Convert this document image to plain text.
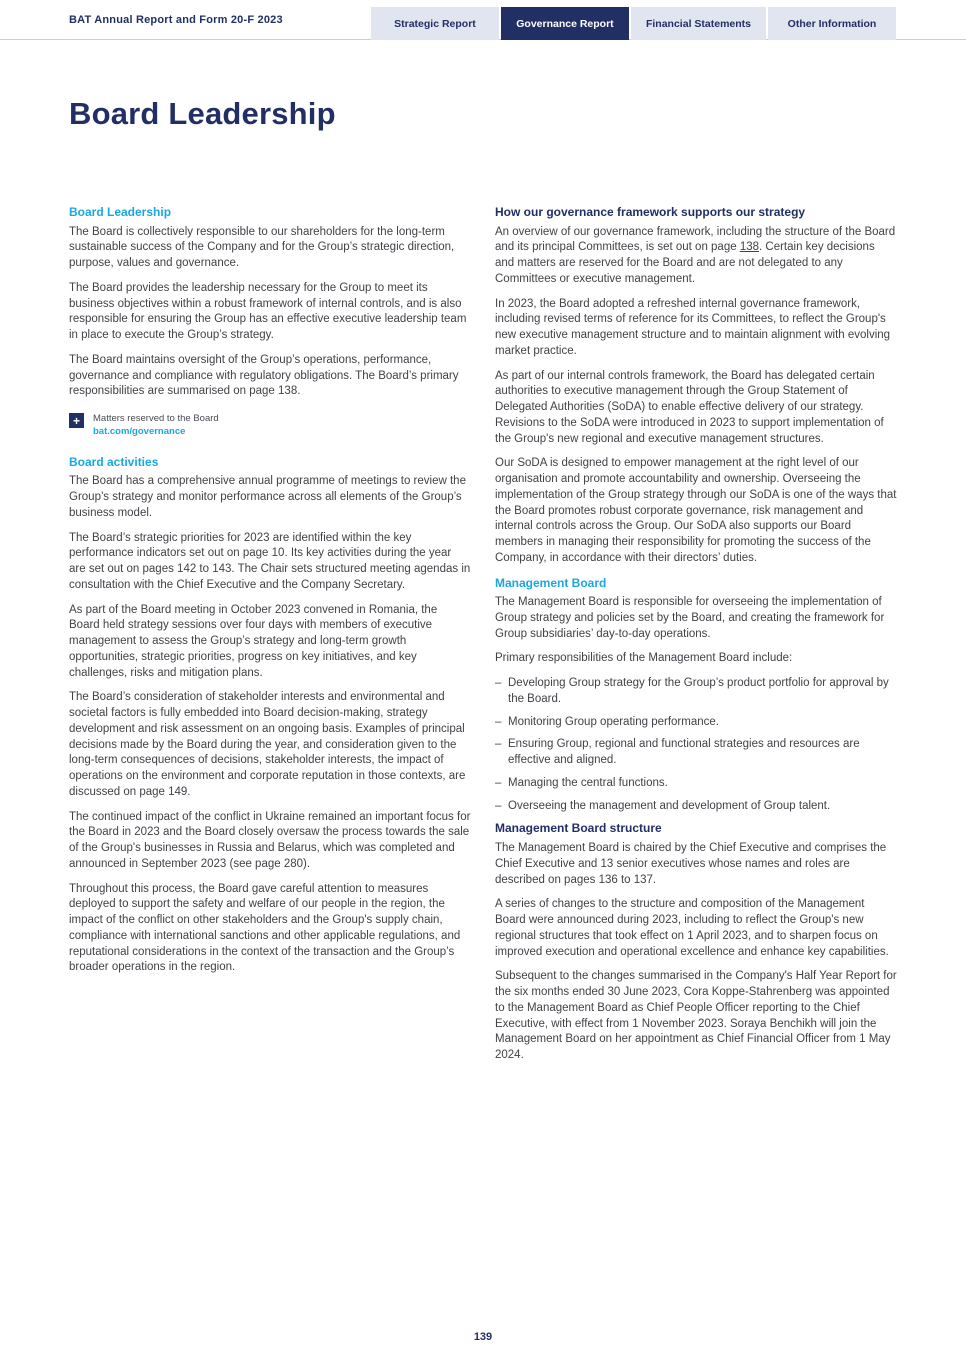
BAT Annual Report and Form 20-F 2023	Strategic Report	Governance Report	Financial Statements	Other Information
Board Leadership
Board Leadership

The Board is collectively responsible to our shareholders for the long-term sustainable success of the Company and for the Group’s strategic direction, purpose, values and governance.

The Board provides the leadership necessary for the Group to meet its business objectives within a robust framework of internal controls, and is also responsible for ensuring the Group has an effective executive leadership team in place to execute the Group’s strategy.

The Board maintains oversight of the Group’s operations, performance, governance and compliance with regulatory obligations. The Board’s primary responsibilities are summarised on page 138.

+	Matters reserved to the Board
bat.com/governance
Board activities

The Board has a comprehensive annual programme of meetings to review the Group’s strategy and monitor performance across all elements of the Group’s business model.

The Board’s strategic priorities for 2023 are identified within the key performance indicators set out on page 10. Its key activities during the year are set out on pages 142 to 143. The Chair sets structured meeting agendas in consultation with the Chief Executive and the Company Secretary.

As part of the Board meeting in October 2023 convened in Romania, the Board held strategy sessions over four days with members of executive management to assess the Group’s strategy and long-term growth opportunities, strategic priorities, progress on key initiatives, and key challenges, risks and mitigation plans.

The Board’s consideration of stakeholder interests and environmental and societal factors is fully embedded into Board decision-making, strategy development and risk assessment on an ongoing basis. Examples of principal decisions made by the Board during the year, and consideration given to the long-term consequences of decisions, stakeholder interests, the impact of operations on the environment and corporate reputation in those contexts, are discussed on page 149.

The continued impact of the conflict in Ukraine remained an important focus for the Board in 2023 and the Board closely oversaw the process towards the sale of the Group's businesses in Russia and Belarus, which was completed and announced in September 2023 (see page 280).

Throughout this process, the Board gave careful attention to measures deployed to support the safety and welfare of our people in the region, the impact of the conflict on other stakeholders and the Group's supply chain, compliance with international sanctions and other applicable regulations, and reputational considerations in the context of the transaction and the Group’s broader operations in the region.

How our governance framework supports our strategy

An overview of our governance framework, including the structure of the Board and its principal Committees, is set out on page 138. Certain key decisions and matters are reserved for the Board and are not delegated to any Committees or executive management.

In 2023, the Board adopted a refreshed internal governance framework, including revised terms of reference for its Committees, to reflect the Group's new executive management structure and to maintain alignment with evolving market practice.

As part of our internal controls framework, the Board has delegated certain authorities to executive management through the Group Statement of Delegated Authorities (SoDA) to enable effective delivery of our strategy. Revisions to the SoDA were introduced in 2023 to support implementation of the Group's new regional and executive management structures.

Our SoDA is designed to empower management at the right level of our organisation and promote accountability and ownership. Overseeing the implementation of the Group strategy through our SoDA is one of the ways that the Board promotes robust corporate governance, risk management and internal controls across the Group. Our SoDA also supports our Board members in managing their responsibility for promoting the success of the Company, in accordance with their directors’ duties.

Management Board

The Management Board is responsible for overseeing the implementation of Group strategy and policies set by the Board, and creating the framework for Group subsidiaries’ day-to-day operations.

Primary responsibilities of the Management Board include:

– Developing Group strategy for the Group’s product portfolio for approval by the Board.
– Monitoring Group operating performance.
– Ensuring Group, regional and functional strategies and resources are effective and aligned.
– Managing the central functions.
– Overseeing the management and development of Group talent.
Management Board structure

The Management Board is chaired by the Chief Executive and comprises the Chief Executive and 13 senior executives whose names and roles are described on pages 136 to 137.

A series of changes to the structure and composition of the Management Board were announced during 2023, including to reflect the Group's new regional structures that took effect on 1 April 2023, and to sharpen focus on improved execution and operational excellence and enhance key capabilities.

Subsequent to the changes summarised in the Company's Half Year Report for the six months ended 30 June 2023, Cora Koppe-Stahrenberg was appointed to the Management Board as Chief People Officer reporting to the Chief Executive, with effect from 1 November 2023. Soraya Benchikh will join the Management Board on her appointment as Chief Financial Officer from 1 May 2024.

139
